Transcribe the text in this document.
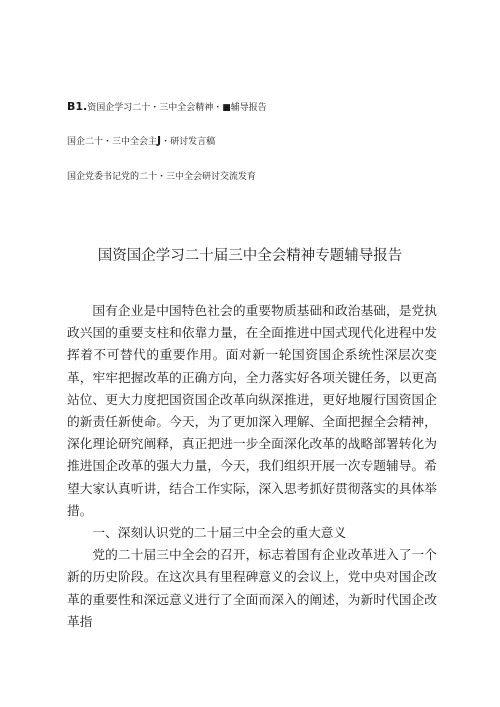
B1.资国企学习二十・三中全会精神・■辅导报告
国企二十・三中全会主J・研讨发言稿
国企党委书记党的二十・三中全会研讨交流发育
国资国企学习二十届三中全会精神专题辅导报告

国有企业是中国特色社会的重要物质基础和政治基础，是党执政兴国的重要支柱和依靠力量，在全面推进中国式现代化进程中发挥着不可替代的重要作用。面对新一轮国资国企系统性深层次变革，牢牢把握改革的正确方向，全力落实好各项关键任务，以更高站位、更大力度把国资国企改革向纵深推进，更好地履行国资国企的新责任新使命。今天，为了更加深入理解、全面把握全会精神，深化理论研究阐释，真正把进一步全面深化改革的战略部署转化为推进国企改革的强大力量，今天，我们组织开展一次专题辅导。希望大家认真听讲，结合工作实际，深入思考抓好贯彻落实的具体举措。

一、深刻认识党的二十届三中全会的重大意义

党的二十届三中全会的召开，标志着国有企业改革进入了一个新的历史阶段。在这次具有里程碑意义的会议上，党中央对国企改革的重要性和深远意义进行了全面而深入的阐述，为新时代国企改革指
